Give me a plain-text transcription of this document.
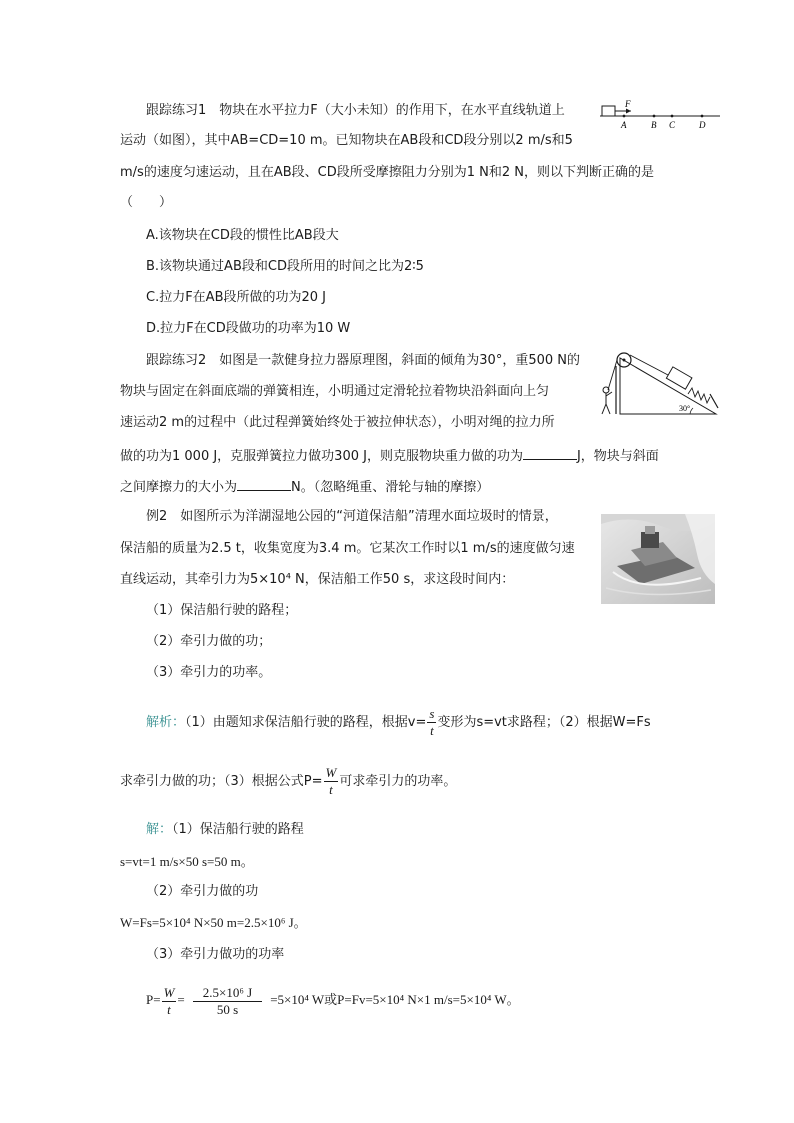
跟踪练习1　物块在水平拉力F（大小未知）的作用下，在水平直线轨道上
运动（如图），其中AB=CD=10 m。已知物块在AB段和CD段分别以2 m/s和5
m/s的速度匀速运动，且在AB段、CD段所受摩擦阻力分别为1 N和2 N，则以下判断正确的是
（　　）
A.该物块在CD段的惯性比AB段大
B.该物块通过AB段和CD段所用的时间之比为2∶5
C.拉力F在AB段所做的功为20 J
D.拉力F在CD段做功的功率为10 W
F
A	B C	D
跟踪练习2　如图是一款健身拉力器原理图，斜面的倾角为30°，重500 N的
物块与固定在斜面底端的弹簧相连，小明通过定滑轮拉着物块沿斜面向上匀
速运动2 m的过程中（此过程弹簧始终处于被拉伸状态），小明对绳的拉力所
做的功为1 000 J，克服弹簧拉力做功300 J，则克服物块重力做的功为	J，物块与斜面
之间摩擦力的大小为	N。（忽略绳重、滑轮与轴的摩擦）
30°
例2　如图所示为洋湖湿地公园的“河道保洁船”清理水面垃圾时的情景，
保洁船的质量为2.5 t，收集宽度为3.4 m。它某次工作时以1 m/s的速度做匀速
直线运动，其牵引力为5×10⁴ N，保洁船工作50 s，求这段时间内：
（1）保洁船行驶的路程；
（2）牵引力做的功；
（3）牵引力的功率。
解析：（1）由题知求保洁船行驶的路程，根据$v= \frac{s}{t}$ 变形为s=vt求路程；（2）根据W=Fs
求牵引力做的功；（3）根据公式$P= \frac{W}{t}$ 可求牵引力的功率。
解：（1）保洁船行驶的路程
s=vt=1 m/s×50 s=50 m。
（2）牵引力做的功
W=Fs=5×10⁴ N×50 m=2.5×10⁶ J。
（3）牵引力做功的功率
$P= \frac{W}{t} = \frac{\text{2.5×10⁶ J}}{50 s} =5\times 10^4$ W或P=Fv=5×10⁴ N×1 m/s=5×10⁴ W。
